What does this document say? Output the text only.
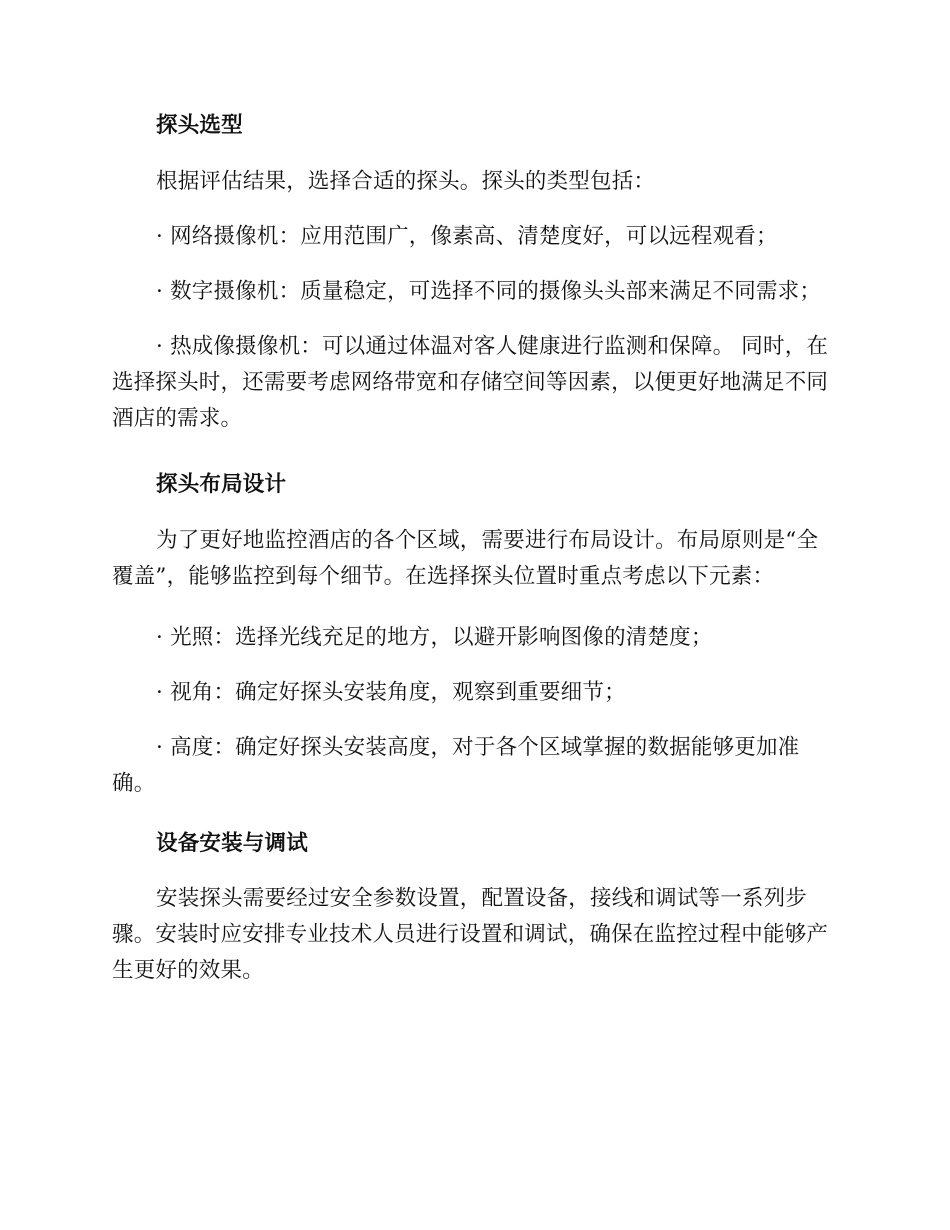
探头选型

根据评估结果，选择合适的探头。探头的类型包括：

· 网络摄像机：应用范围广，像素高、清楚度好，可以远程观看；

· 数字摄像机：质量稳定，可选择不同的摄像头头部来满足不同需求；

· 热成像摄像机：可以通过体温对客人健康进行监测和保障。 同时，在选择探头时，还需要考虑网络带宽和存储空间等因素，以便更好地满足不同酒店的需求。

探头布局设计

为了更好地监控酒店的各个区域，需要进行布局设计。布局原则是“全覆盖”，能够监控到每个细节。在选择探头位置时重点考虑以下元素：

· 光照：选择光线充足的地方，以避开影响图像的清楚度；

· 视角：确定好探头安装角度，观察到重要细节；

· 高度：确定好探头安装高度，对于各个区域掌握的数据能够更加准确。

设备安装与调试

安装探头需要经过安全参数设置，配置设备，接线和调试等一系列步骤。安装时应安排专业技术人员进行设置和调试，确保在监控过程中能够产生更好的效果。
